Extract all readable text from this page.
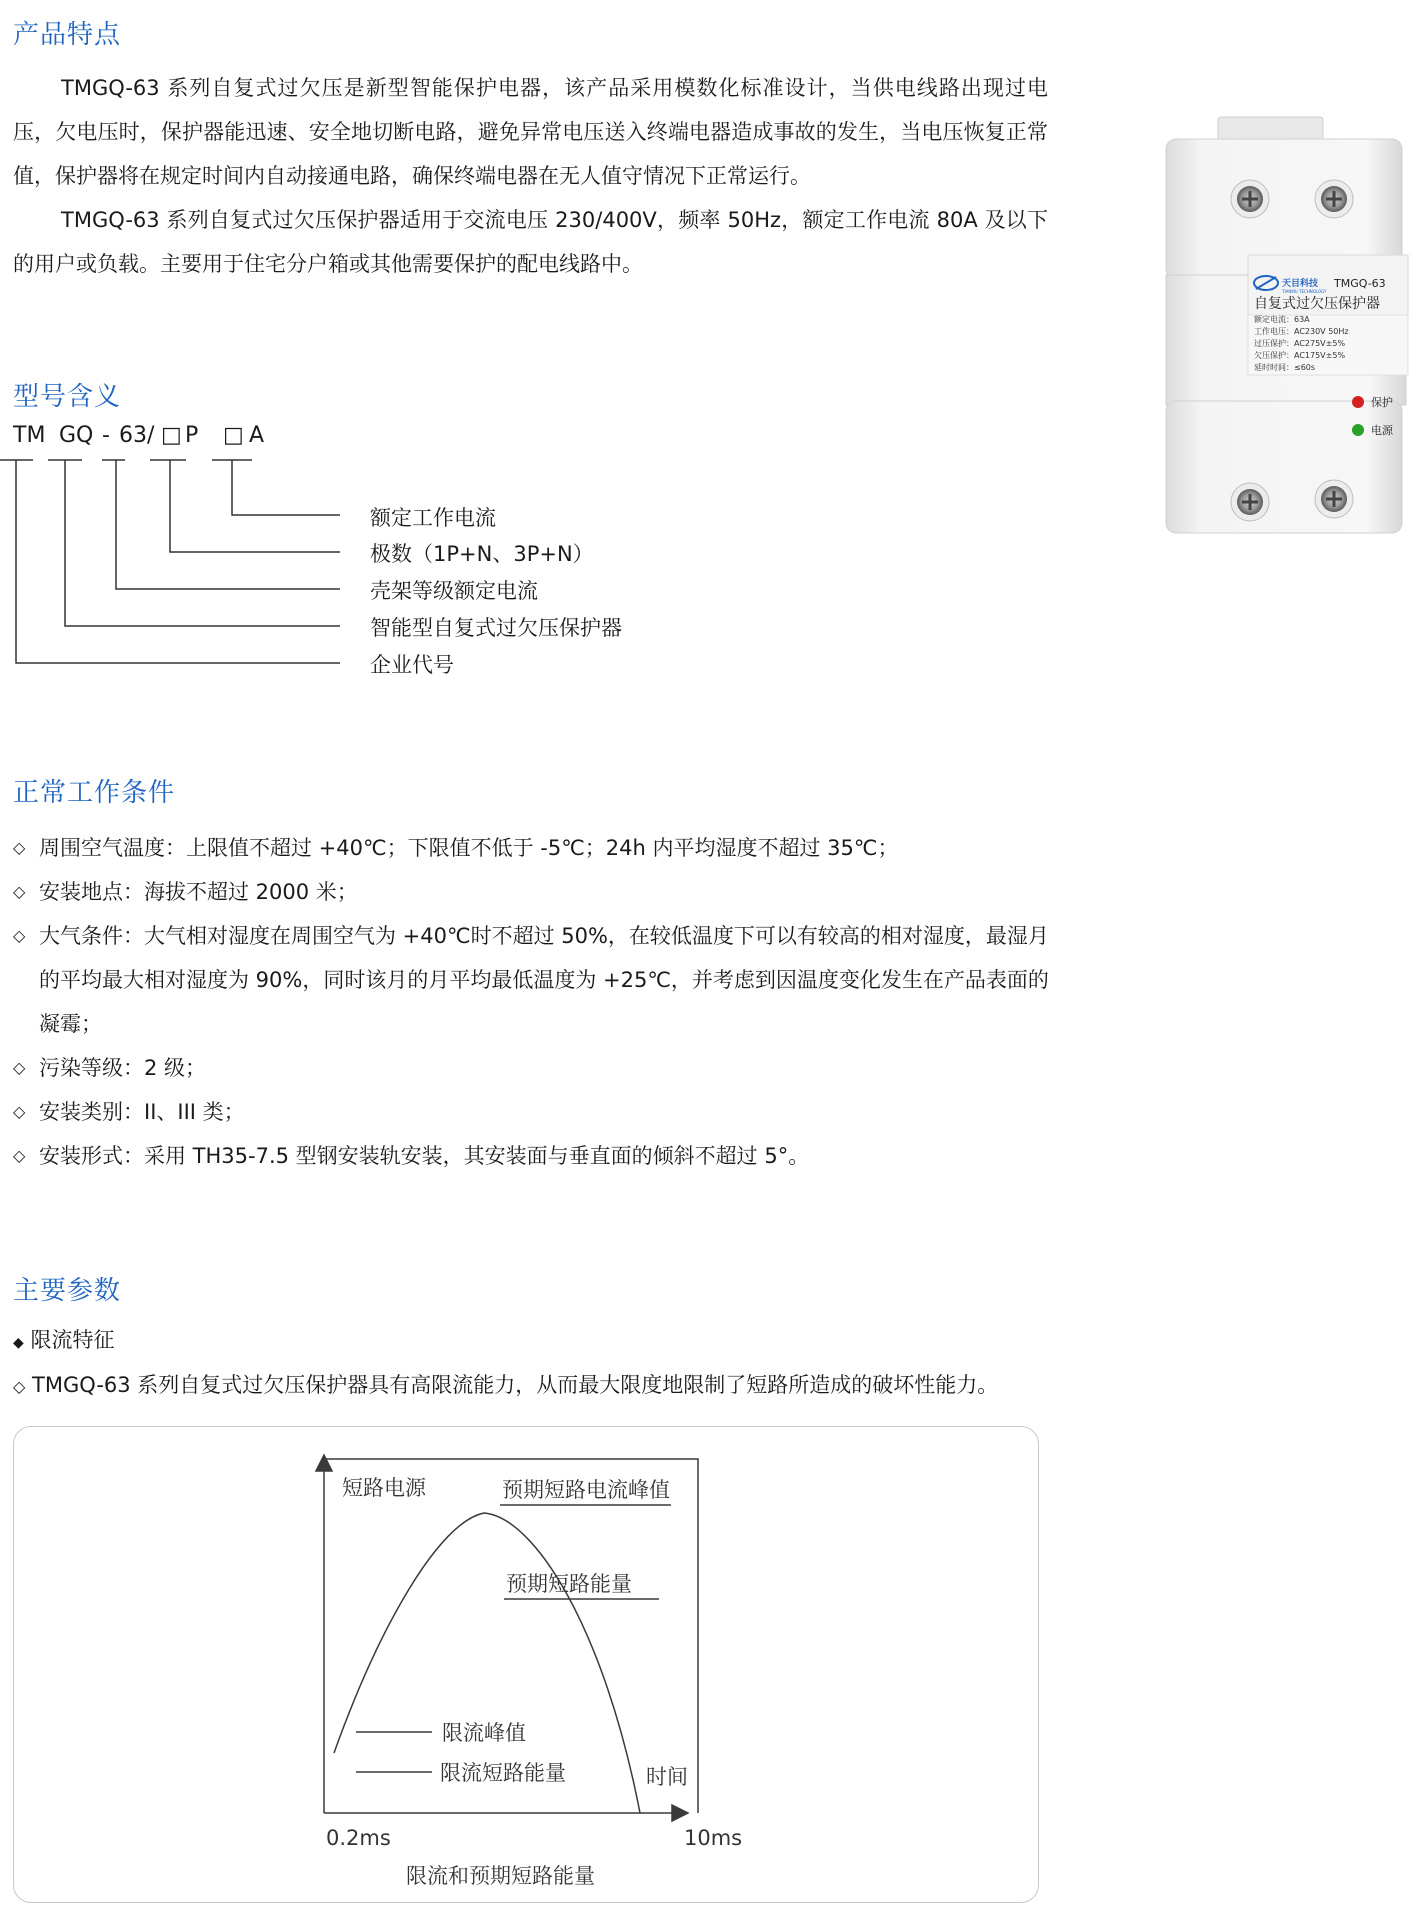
产品特点

TMGQ-63 系列自复式过欠压是新型智能保护电器，该产品采用模数化标准设计，当供电线路出现过电压，欠电压时，保护器能迅速、安全地切断电路，避免异常电压送入终端电器造成事故的发生，当电压恢复正常值，保护器将在规定时间内自动接通电路，确保终端电器在无人值守情况下正常运行。

TMGQ-63 系列自复式过欠压保护器适用于交流电压 230/400V，频率 50Hz，额定工作电流 80A 及以下的用户或负载。主要用于住宅分户箱或其他需要保护的配电线路中。

天目科技
TIANMU TECHNOLOGY
TMGQ-63
自复式过欠压保护器
额定电流：63A
工作电压：AC230V 50Hz
过压保护：AC275V±5%
欠压保护：AC175V±5%
延时时间：≤60s
保护
电源
型号含义
TM GQ - 63/ □ P □ A
额定工作电流
极数（1P+N、3P+N）
壳架等级额定电流
智能型自复式过欠压保护器
企业代号
正常工作条件
◇ 周围空气温度：上限值不超过 +40℃；下限值不低于 -5℃；24h 内平均湿度不超过 35℃；
◇ 安装地点：海拔不超过 2000 米；
◇ 大气条件：大气相对湿度在周围空气为 +40℃时不超过 50%，在较低温度下可以有较高的相对湿度，最湿月的平均最大相对湿度为 90%，同时该月的月平均最低温度为 +25℃，并考虑到因温度变化发生在产品表面的凝霉；
◇ 污染等级：2 级；
◇ 安装类别：II、III 类；
◇ 安装形式：采用 TH35-7.5 型钢安装轨安装，其安装面与垂直面的倾斜不超过 5°。
主要参数
◆ 限流特征
◇ TMGQ-63 系列自复式过欠压保护器具有高限流能力，从而最大限度地限制了短路所造成的破坏性能力。
短路电源	预期短路电流峰值
预期短路能量
限流峰值
限流短路能量	时间
0.2ms	10ms
限流和预期短路能量
